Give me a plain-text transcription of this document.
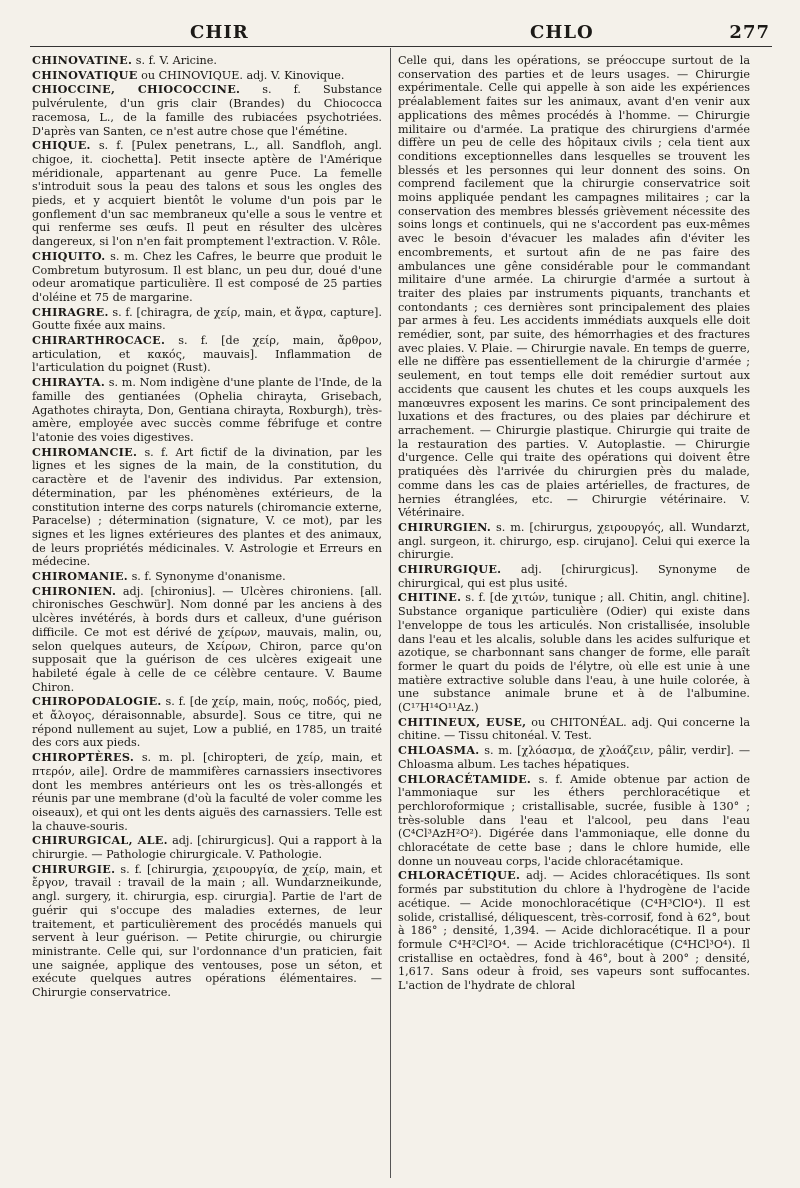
CHIR	CHLO	277

CHINOVATINE. s. f. V. Aricine.

CHINOVATIQUE ou CHINOVIQUE. adj. V. Kinovique.

CHIOCCINE, CHIOCOCCINE. s. f. Substance pulvérulente, d'un gris clair (Brandes) du Chiococca racemosa, L., de la famille des rubiacées psychotriées. D'après van Santen, ce n'est autre chose que l'émétine.

CHIQUE. s. f. [Pulex penetrans, L., all. Sandfloh, angl. chigoe, it. ciochetta]. Petit insecte aptère de l'Amérique méridionale, appartenant au genre Puce. La femelle s'introduit sous la peau des talons et sous les ongles des pieds, et y acquiert bientôt le volume d'un pois par le gonflement d'un sac membraneux qu'elle a sous le ventre et qui renferme ses œufs. Il peut en résulter des ulcères dangereux, si l'on n'en fait promptement l'extraction. V. Rôle.

CHIQUITO. s. m. Chez les Cafres, le beurre que produit le Combretum butyrosum. Il est blanc, un peu dur, doué d'une odeur aromatique particulière. Il est composé de 25 parties d'oléine et 75 de margarine.

CHIRAGRE. s. f. [chiragra, de χείρ, main, et ἄγρα, capture]. Goutte fixée aux mains.

CHIRARTHROCACE. s. f. [de χείρ, main, ἄρθρον, articulation, et κακός, mauvais]. Inflammation de l'articulation du poignet (Rust).

CHIRAYTA. s. m. Nom indigène d'une plante de l'Inde, de la famille des gentianées (Ophelia chirayta, Grisebach, Agathotes chirayta, Don, Gentiana chirayta, Roxburgh), très-amère, employée avec succès comme fébrifuge et contre l'atonie des voies digestives.

CHIROMANCIE. s. f. Art fictif de la divination, par les lignes et les signes de la main, de la constitution, du caractère et de l'avenir des individus. Par extension, détermination, par les phénomènes extérieurs, de la constitution interne des corps naturels (chiromancie externe, Paracelse) ; détermination (signature, V. ce mot), par les signes et les lignes extérieures des plantes et des animaux, de leurs propriétés médicinales. V. Astrologie et Erreurs en médecine.

CHIROMANIE. s. f. Synonyme d'onanisme.

CHIRONIEN. adj. [chironius]. — Ulcères chironiens. [all. chironisches Geschwür]. Nom donné par les anciens à des ulcères invétérés, à bords durs et calleux, d'une guérison difficile. Ce mot est dérivé de χείρων, mauvais, malin, ou, selon quelques auteurs, de Χείρων, Chiron, parce qu'on supposait que la guérison de ces ulcères exigeait une habileté égale à celle de ce célèbre centaure. V. Baume Chiron.

CHIROPODALOGIE. s. f. [de χείρ, main, πούς, ποδός, pied, et ἄλογος, déraisonnable, absurde]. Sous ce titre, qui ne répond nullement au sujet, Low a publié, en 1785, un traité des cors aux pieds.

CHIROPTÈRES. s. m. pl. [chiropteri, de χείρ, main, et πτερόν, aile]. Ordre de mammifères carnassiers insectivores dont les membres antérieurs ont les os très-allongés et réunis par une membrane (d'où la faculté de voler comme les oiseaux), et qui ont les dents aiguës des carnassiers. Telle est la chauve-souris.

CHIRURGICAL, ALE. adj. [chirurgicus]. Qui a rapport à la chirurgie. — Pathologie chirurgicale. V. Pathologie.

CHIRURGIE. s. f. [chirurgia, χειρουργία, de χείρ, main, et ἔργον, travail : travail de la main ; all. Wundarzneikunde, angl. surgery, it. chirurgia, esp. cirurgia]. Partie de l'art de guérir qui s'occupe des maladies externes, de leur traitement, et particulièrement des procédés manuels qui servent à leur guérison. — Petite chirurgie, ou chirurgie ministrante. Celle qui, sur l'ordonnance d'un praticien, fait une saignée, applique des ventouses, pose un séton, et exécute quelques autres opérations élémentaires. — Chirurgie conservatrice.

Celle qui, dans les opérations, se préoccupe surtout de la conservation des parties et de leurs usages. — Chirurgie expérimentale. Celle qui appelle à son aide les expériences préalablement faites sur les animaux, avant d'en venir aux applications des mêmes procédés à l'homme. — Chirurgie militaire ou d'armée. La pratique des chirurgiens d'armée diffère un peu de celle des hôpitaux civils ; cela tient aux conditions exceptionnelles dans lesquelles se trouvent les blessés et les personnes qui leur donnent des soins. On comprend facilement que la chirurgie conservatrice soit moins appliquée pendant les campagnes militaires ; car la conservation des membres blessés grièvement nécessite des soins longs et continuels, qui ne s'accordent pas eux-mêmes avec le besoin d'évacuer les malades afin d'éviter les encombrements, et surtout afin de ne pas faire des ambulances une gêne considérable pour le commandant militaire d'une armée. La chirurgie d'armée a surtout à traiter des plaies par instruments piquants, tranchants et contondants ; ces dernières sont principalement des plaies par armes à feu. Les accidents immédiats auxquels elle doit remédier, sont, par suite, des hémorrhagies et des fractures avec plaies. V. Plaie. — Chirurgie navale. En temps de guerre, elle ne diffère pas essentiellement de la chirurgie d'armée ; seulement, en tout temps elle doit remédier surtout aux accidents que causent les chutes et les coups auxquels les manœuvres exposent les marins. Ce sont principalement des luxations et des fractures, ou des plaies par déchirure et arrachement. — Chirurgie plastique. Chirurgie qui traite de la restauration des parties. V. Autoplastie. — Chirurgie d'urgence. Celle qui traite des opérations qui doivent être pratiquées dès l'arrivée du chirurgien près du malade, comme dans les cas de plaies artérielles, de fractures, de hernies étranglées, etc. — Chirurgie vétérinaire. V. Vétérinaire.

CHIRURGIEN. s. m. [chirurgus, χειρουργός, all. Wundarzt, angl. surgeon, it. chirurgo, esp. cirujano]. Celui qui exerce la chirurgie.

CHIRURGIQUE. adj. [chirurgicus]. Synonyme de chirurgical, qui est plus usité.

CHITINE. s. f. [de χιτών, tunique ; all. Chitin, angl. chitine]. Substance organique particulière (Odier) qui existe dans l'enveloppe de tous les articulés. Non cristallisée, insoluble dans l'eau et les alcalis, soluble dans les acides sulfurique et azotique, se charbonnant sans changer de forme, elle paraît former le quart du poids de l'élytre, où elle est unie à une matière extractive soluble dans l'eau, à une huile colorée, à une substance animale brune et à de l'albumine. (C¹⁷H¹⁴O¹¹Az.)

CHITINEUX, EUSE, ou CHITONÉAL. adj. Qui concerne la chitine. — Tissu chitonéal. V. Test.

CHLOASMA. s. m. [χλόασμα, de χλοάζειν, pâlir, verdir]. — Chloasma album. Les taches hépatiques.

CHLORACÉTAMIDE. s. f. Amide obtenue par action de l'ammoniaque sur les éthers perchloracétique et perchloroformique ; cristallisable, sucrée, fusible à 130° ; très-soluble dans l'eau et l'alcool, peu dans l'eau (C⁴Cl³AzH²O²). Digérée dans l'ammoniaque, elle donne du chloracétate de cette base ; dans le chlore humide, elle donne un nouveau corps, l'acide chloracétamique.

CHLORACÉTIQUE. adj. — Acides chloracétiques. Ils sont formés par substitution du chlore à l'hydrogène de l'acide acétique. — Acide monochloracétique (C⁴H³ClO⁴). Il est solide, cristallisé, déliquescent, très-corrosif, fond à 62°, bout à 186° ; densité, 1,394. — Acide dichloracétique. Il a pour formule C⁴H²Cl²O⁴. — Acide trichloracétique (C⁴HCl³O⁴). Il cristallise en octaèdres, fond à 46°, bout à 200° ; densité, 1,617. Sans odeur à froid, ses vapeurs sont suffocantes. L'action de l'hydrate de chloral
